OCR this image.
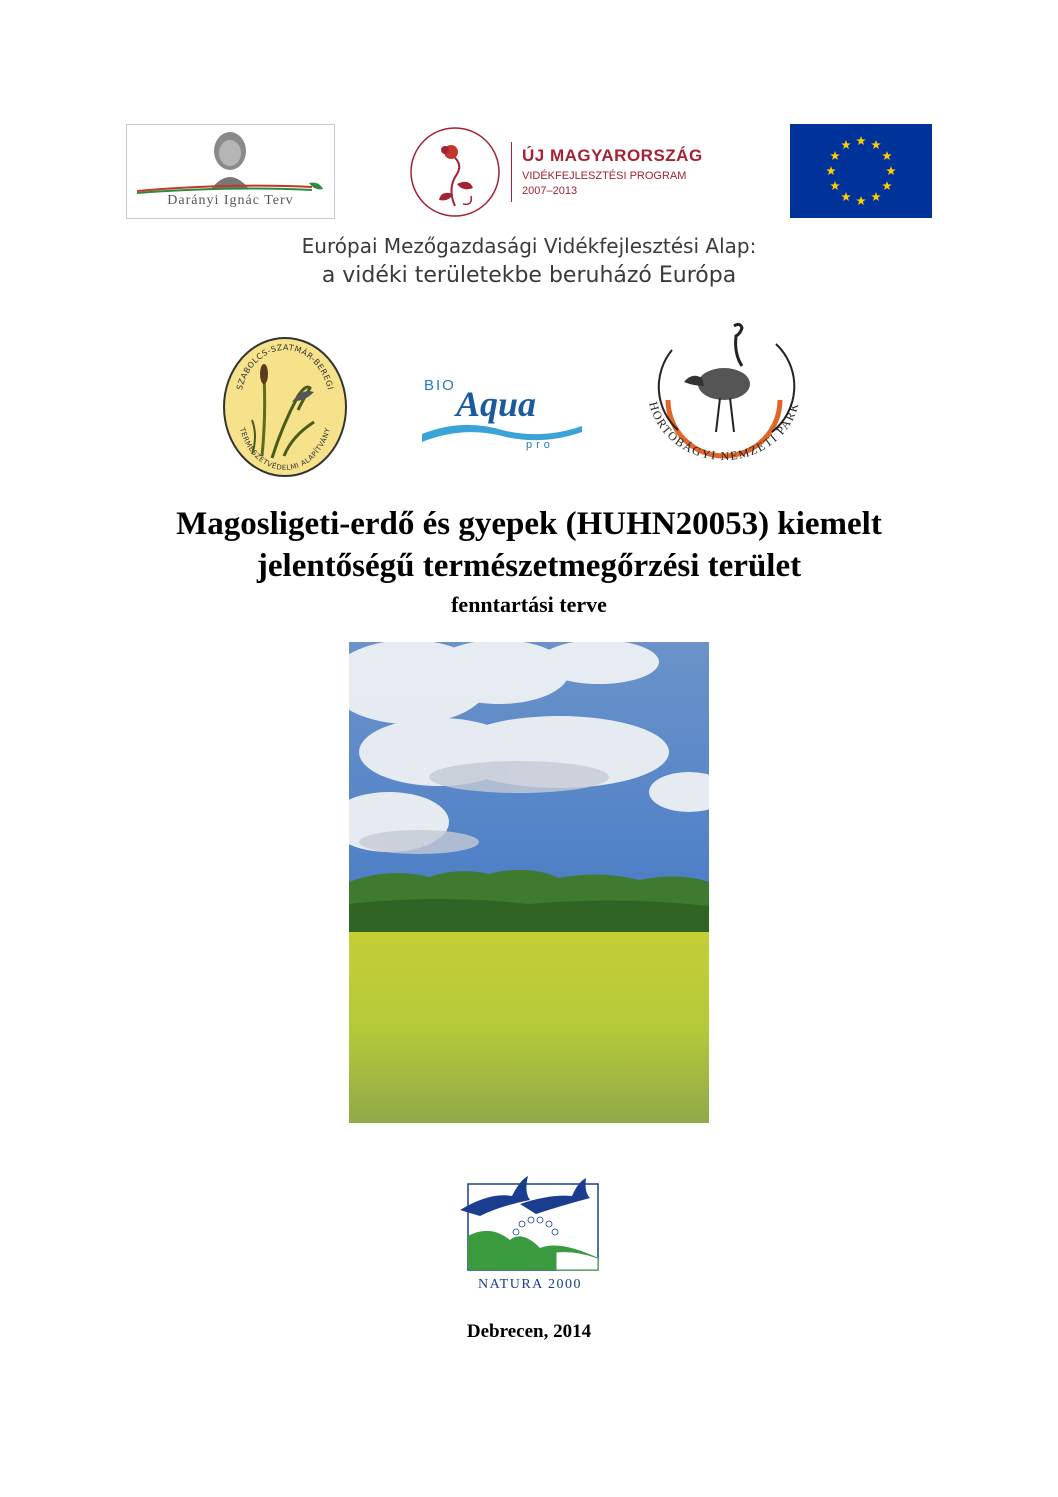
Darányi Ignác Terv
ÚJ MAGYARORSZÁG
VIDÉKFEJLESZTÉSI PROGRAM
2007–2013
Európai Mezőgazdasági Vidékfejlesztési Alap:
a vidéki területekbe beruházó Európa
SZABOLCS-SZATMÁR-BEREGI
TERMÉSZETVÉDELMI ALAPÍTVÁNY
BIO Aqua
pro
HORTOBÁGYI NEMZETI PARK
Magosligeti-erdő és gyepek (HUHN20053) kiemelt
jelentőségű természetmegőrzési terület
fenntartási terve
NATURA 2000
Debrecen, 2014
